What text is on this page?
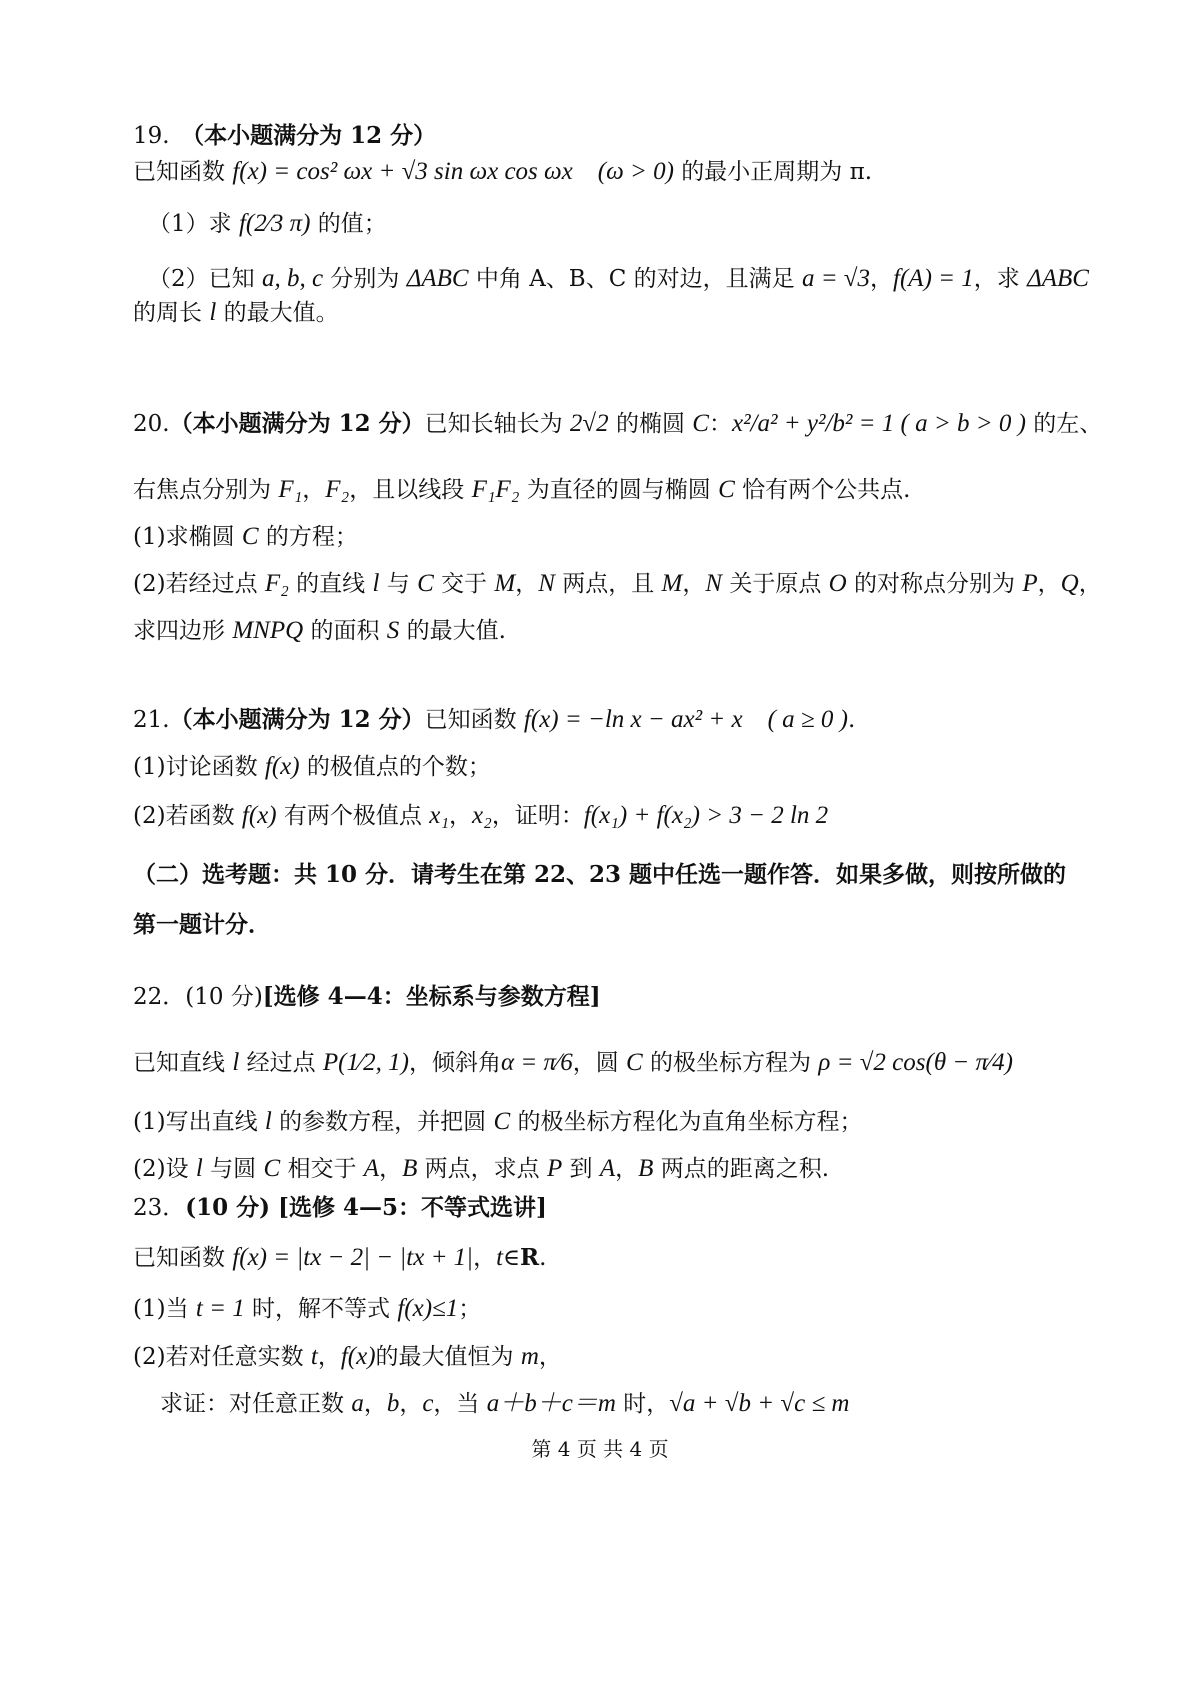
19.　（本小题满分为 12 分）
已知函数 f(x) = cos² ωx + √3 sin ωx cos ωx (ω > 0) 的最小正周期为 π.
（1）求 f(2⁄3 π) 的值；
（2）已知 a, b, c 分别为 ΔABC 中角 A、B、C 的对边，且满足 a = √3，f(A) = 1，求 ΔABC
的周长 l 的最大值。
20.（本小题满分为 12 分）已知长轴长为 2√2 的椭圆 C：x²/a² + y²/b² = 1 ( a > b > 0 ) 的左、
右焦点分别为 F₁，F₂，且以线段 F₁F₂ 为直径的圆与椭圆 C 恰有两个公共点.
(1)求椭圆 C 的方程；
(2)若经过点 F₂ 的直线 l 与 C 交于 M，N 两点，且 M，N 关于原点 O 的对称点分别为 P，Q，
求四边形 MNPQ 的面积 S 的最大值.
21.（本小题满分为 12 分）已知函数 f(x) = −ln x − ax² + x ( a ≥ 0 ).
(1)讨论函数 f(x) 的极值点的个数；
(2)若函数 f(x) 有两个极值点 x₁，x₂，证明：f(x₁) + f(x₂) > 3 − 2 ln 2
（二）选考题：共 10 分．请考生在第 22、23 题中任选一题作答．如果多做，则按所做的
第一题计分．
22．(10 分)[选修 4—4：坐标系与参数方程]
已知直线 l 经过点 P(1⁄2, 1)，倾斜角α = π⁄6，圆 C 的极坐标方程为 ρ = √2 cos(θ − π⁄4)
(1)写出直线 l 的参数方程，并把圆 C 的极坐标方程化为直角坐标方程；
(2)设 l 与圆 C 相交于 A，B 两点，求点 P 到 A，B 两点的距离之积.
23．(10 分) [选修 4—5：不等式选讲]
已知函数 f(x) = |tx − 2| − |tx + 1|，t∈R.
(1)当 t = 1 时，解不等式 f(x)≤1；
(2)若对任意实数 t，f(x)的最大值恒为 m，
求证：对任意正数 a，b，c，当 a＋b＋c＝m 时，√a + √b + √c ≤ m
第 4 页 共 4 页
